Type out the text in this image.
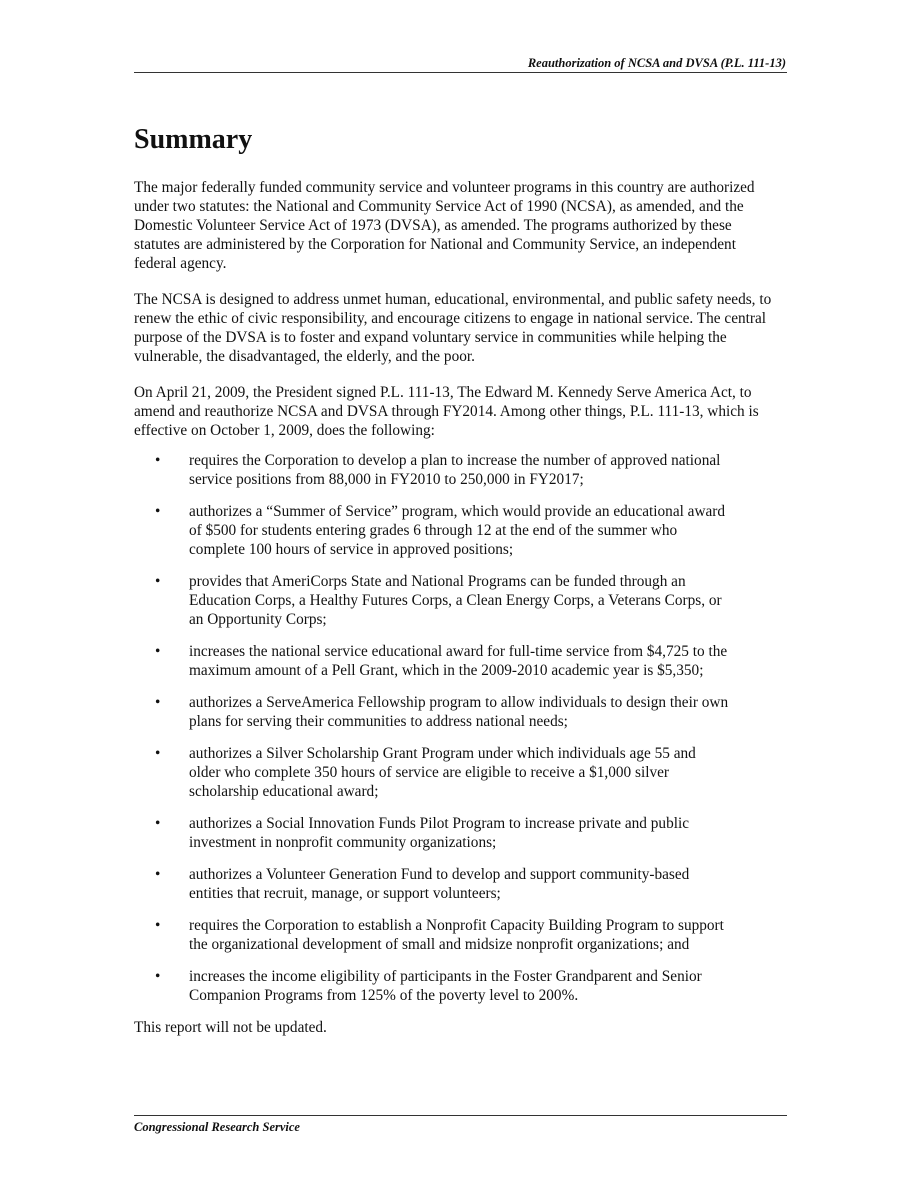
Reauthorization of NCSA and DVSA (P.L. 111-13)
Summary

The major federally funded community service and volunteer programs in this country are authorized under two statutes: the National and Community Service Act of 1990 (NCSA), as amended, and the Domestic Volunteer Service Act of 1973 (DVSA), as amended. The programs authorized by these statutes are administered by the Corporation for National and Community Service, an independent federal agency.

The NCSA is designed to address unmet human, educational, environmental, and public safety needs, to renew the ethic of civic responsibility, and encourage citizens to engage in national service. The central purpose of the DVSA is to foster and expand voluntary service in communities while helping the vulnerable, the disadvantaged, the elderly, and the poor.

On April 21, 2009, the President signed P.L. 111-13, The Edward M. Kennedy Serve America Act, to amend and reauthorize NCSA and DVSA through FY2014. Among other things, P.L. 111-13, which is effective on October 1, 2009, does the following:

• requires the Corporation to develop a plan to increase the number of approved national service positions from 88,000 in FY2010 to 250,000 in FY2017;
• authorizes a “Summer of Service” program, which would provide an educational award of $500 for students entering grades 6 through 12 at the end of the summer who complete 100 hours of service in approved positions;
• provides that AmeriCorps State and National Programs can be funded through an Education Corps, a Healthy Futures Corps, a Clean Energy Corps, a Veterans Corps, or an Opportunity Corps;
• increases the national service educational award for full-time service from $4,725 to the maximum amount of a Pell Grant, which in the 2009-2010 academic year is $5,350;
• authorizes a ServeAmerica Fellowship program to allow individuals to design their own plans for serving their communities to address national needs;
• authorizes a Silver Scholarship Grant Program under which individuals age 55 and older who complete 350 hours of service are eligible to receive a $1,000 silver scholarship educational award;
• authorizes a Social Innovation Funds Pilot Program to increase private and public investment in nonprofit community organizations;
• authorizes a Volunteer Generation Fund to develop and support community-based entities that recruit, manage, or support volunteers;
• requires the Corporation to establish a Nonprofit Capacity Building Program to support the organizational development of small and midsize nonprofit organizations; and
• increases the income eligibility of participants in the Foster Grandparent and Senior Companion Programs from 125% of the poverty level to 200%.

This report will not be updated.

Congressional Research Service
